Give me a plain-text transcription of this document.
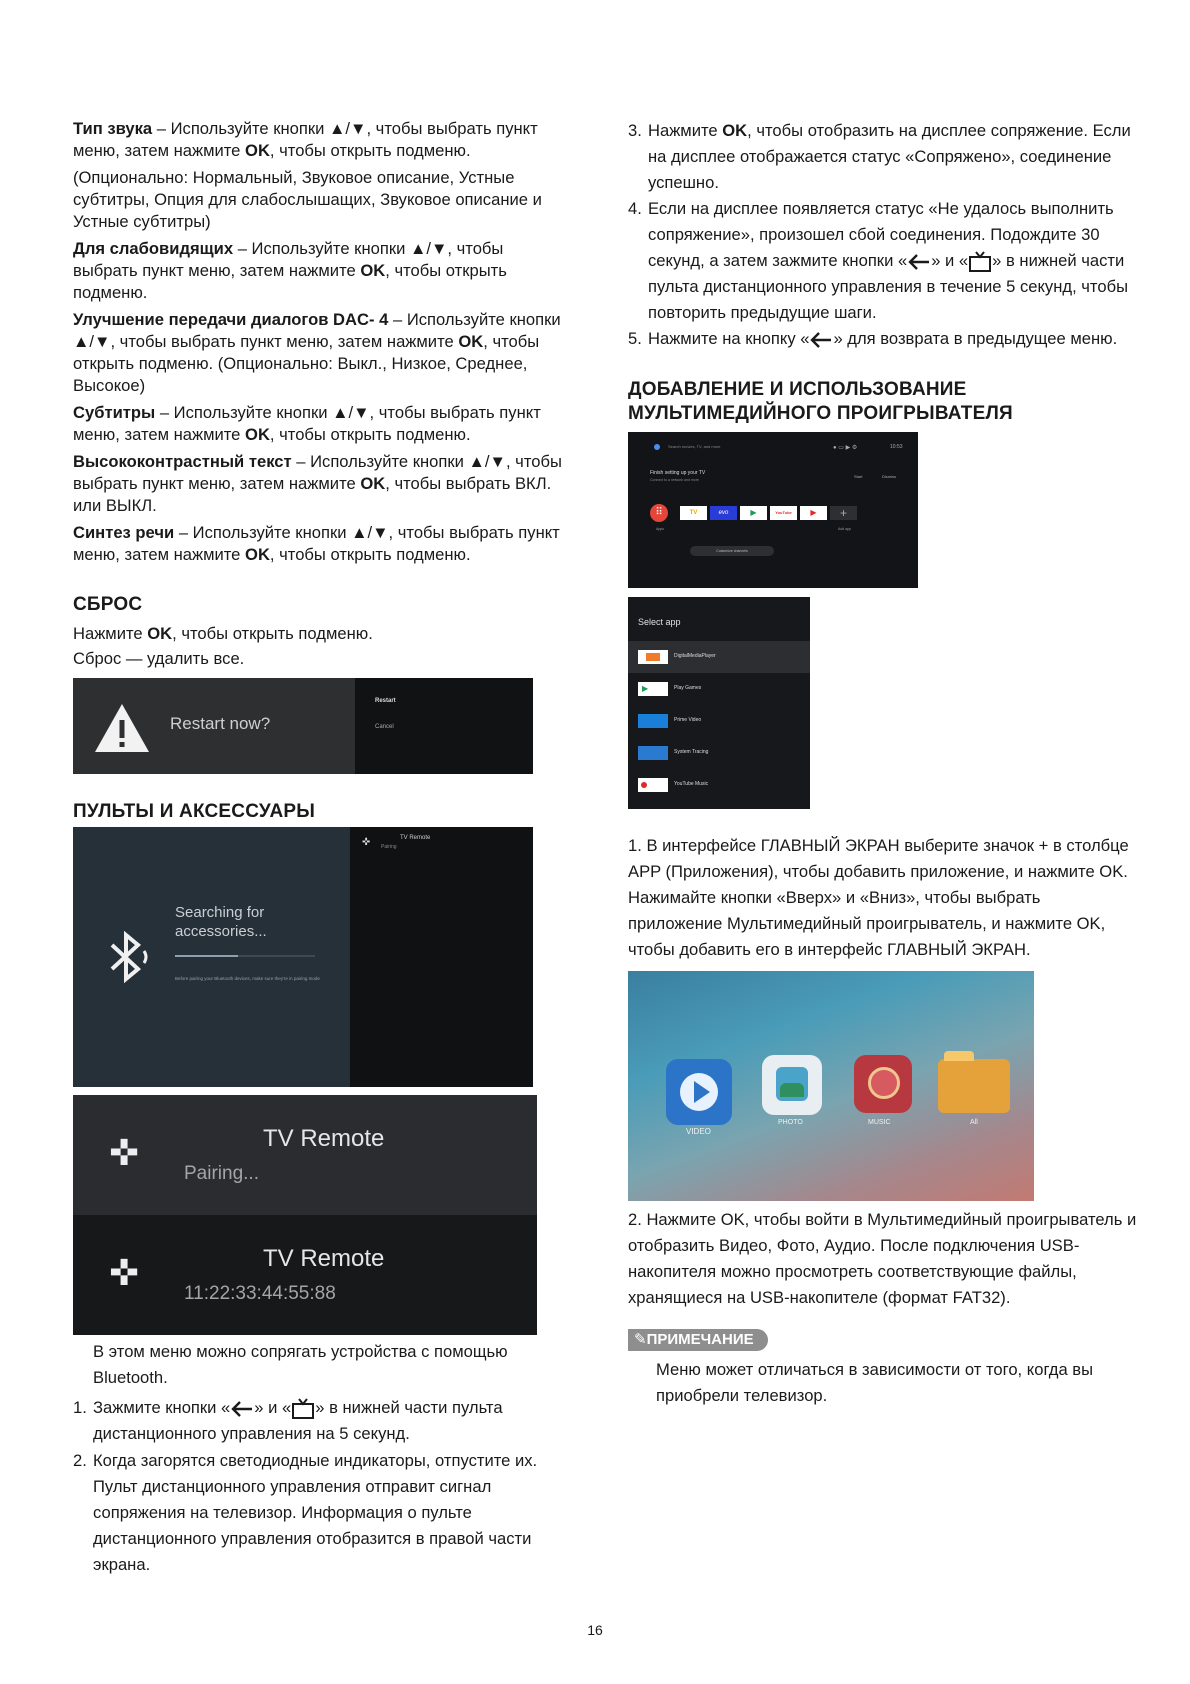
Тип звука – Используйте кнопки ▲/▼, чтобы выбрать пункт меню, затем нажмите OK, чтобы открыть подменю.

(Опционально: Нормальный, Звуковое описание, Устные субтитры, Опция для слабослышащих, Звуковое описание и Устные субтитры)

Для слабовидящих – Используйте кнопки ▲/▼, чтобы выбрать пункт меню, затем нажмите OK, чтобы открыть подменю.

Улучшение передачи диалогов DAC- 4 – Используйте кнопки ▲/▼, чтобы выбрать пункт меню, затем нажмите OK, чтобы открыть подменю. (Опционально: Выкл., Низкое, Среднее, Высокое)

Субтитры – Используйте кнопки ▲/▼, чтобы выбрать пункт меню, затем нажмите OK, чтобы открыть подменю.

Высококонтрастный текст – Используйте кнопки ▲/▼, чтобы выбрать пункт меню, затем нажмите OK, чтобы выбрать ВКЛ. или ВЫКЛ.

Синтез речи – Используйте кнопки ▲/▼, чтобы выбрать пункт меню, затем нажмите OK, чтобы открыть подменю.

СБРОС

Нажмите OK, чтобы открыть подменю.

Сброс — удалить все.

Restart now?
Restart
Cancel
ПУЛЬТЫ И АКСЕССУАРЫ
Searching for accessories...
Before pairing your Bluetooth devices, make sure they're in pairing mode
✜	TV Remote
Pairing
✜	TV Remote
Pairing...
✜	TV Remote
11:22:33:44:55:88

В этом меню можно сопрягать устройства с помощью Bluetooth.

1. Зажмите кнопки « » и « » в нижней части пульта дистанционного управления на 5 секунд.
2. Когда загорятся светодиодные индикаторы, отпустите их. Пульт дистанционного управления отправит сигнал сопряжения на телевизор. Информация о пульте дистанционного управления отобразится в правой части экрана.
3. Нажмите OK, чтобы отобразить на дисплее сопряжение. Если на дисплее отображается статус «Сопряжено», соединение успешно.
4. Если на дисплее появляется статус «Не удалось выполнить сопряжение», произошел сбой соединения. Подождите 30 секунд, а затем зажмите кнопки « » и « » в нижней части пульта дистанционного управления в течение 5 секунд, чтобы повторить предыдущие шаги.
5. Нажмите на кнопку « » для возврата в предыдущее меню.
ДОБАВЛЕНИЕ И ИСПОЛЬЗОВАНИЕ
МУЛЬТИМЕДИЙНОГО ПРОИГРЫВАТЕЛЯ
Search movies, TV, and more	● ▭ ▶ ⚙	10:53
Finish setting up your TV
Connect to a network and more
Start	Dismiss
⠿
Apps
TV	evo	▶	YouTube	▶	+
Add app
Customize channels
Select app
DigitalMediaPlayer
▶	Play Games
Prime Video
System Tracing
YouTube Music

1. В интерфейсе ГЛАВНЫЙ ЭКРАН выберите значок + в столбце APP (Приложения), чтобы добавить приложение, и нажмите OK. Нажимайте кнопки «Вверх» и «Вниз», чтобы выбрать приложение Мультимедийный проигрыватель, и нажмите OK, чтобы добавить его в интерфейс ГЛАВНЫЙ ЭКРАН.

VIDEO
PHOTO	MUSIC	All

2. Нажмите OK, чтобы войти в Мультимедийный проигрыватель и отобразить Видео, Фото, Аудио. После подключения USB-накопителя можно просмотреть соответствующие файлы, хранящиеся на USB-накопителе (формат FAT32).

✎ПРИМЕЧАНИЕ

Меню может отличаться в зависимости от того, когда вы приобрели телевизор.

16
